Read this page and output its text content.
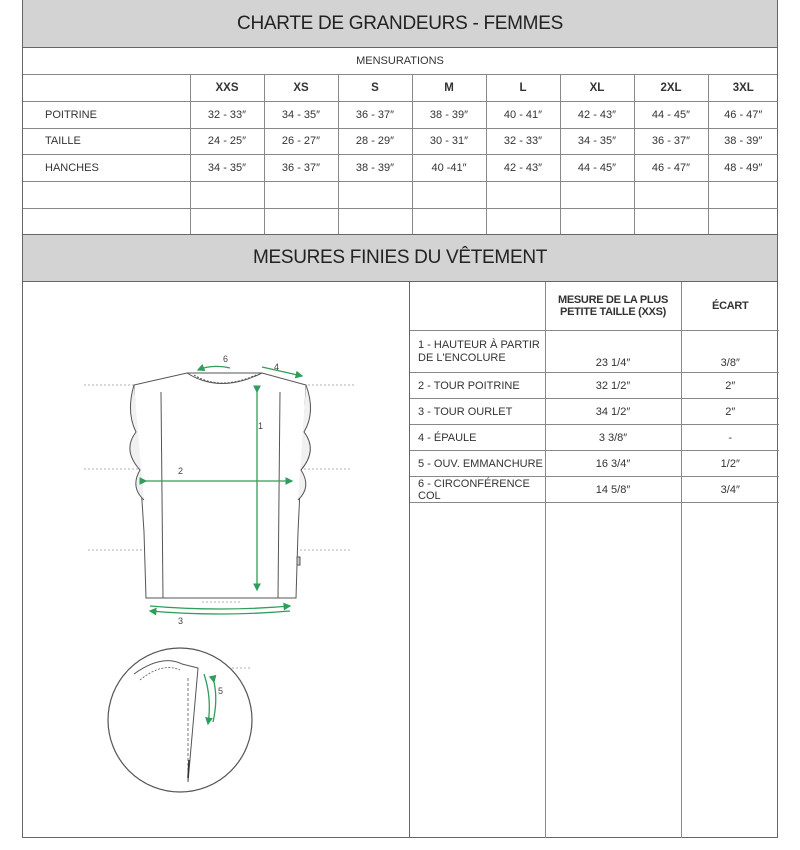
CHARTE DE GRANDEURS - FEMMES
MENSURATIONS
	XXS	XS	S	M	L	XL	2XL	3XL
POITRINE	32 - 33″	34 - 35″	36 - 37″	38 - 39″	40 - 41″	42 - 43″	44 - 45″	46 - 47″
TAILLE	24 - 25″	26 - 27″	28 - 29″	30 - 31″	32 - 33″	34 - 35″	36 - 37″	38 - 39″
HANCHES	34 - 35″	36 - 37″	38 - 39″	40 -41″	42 - 43″	44 - 45″	46 - 47″	48 - 49″

MESURES FINIES DU VÊTEMENT
	MESURE DE LA PLUS PETITE TAILLE (XXS)	ÉCART
1 - HAUTEUR À PARTIR DE L'ENCOLURE	23 1/4″	3/8″
2 - TOUR POITRINE	32 1/2″	2″
3 - TOUR OURLET	34 1/2″	2″
4 - ÉPAULE	3 3/8″	-
5 - OUV. EMMANCHURE	16 3/4″	1/2″
6 - CIRCONFÉRENCE COL	14 5/8″	3/4″
1
2
3
4
6
5
